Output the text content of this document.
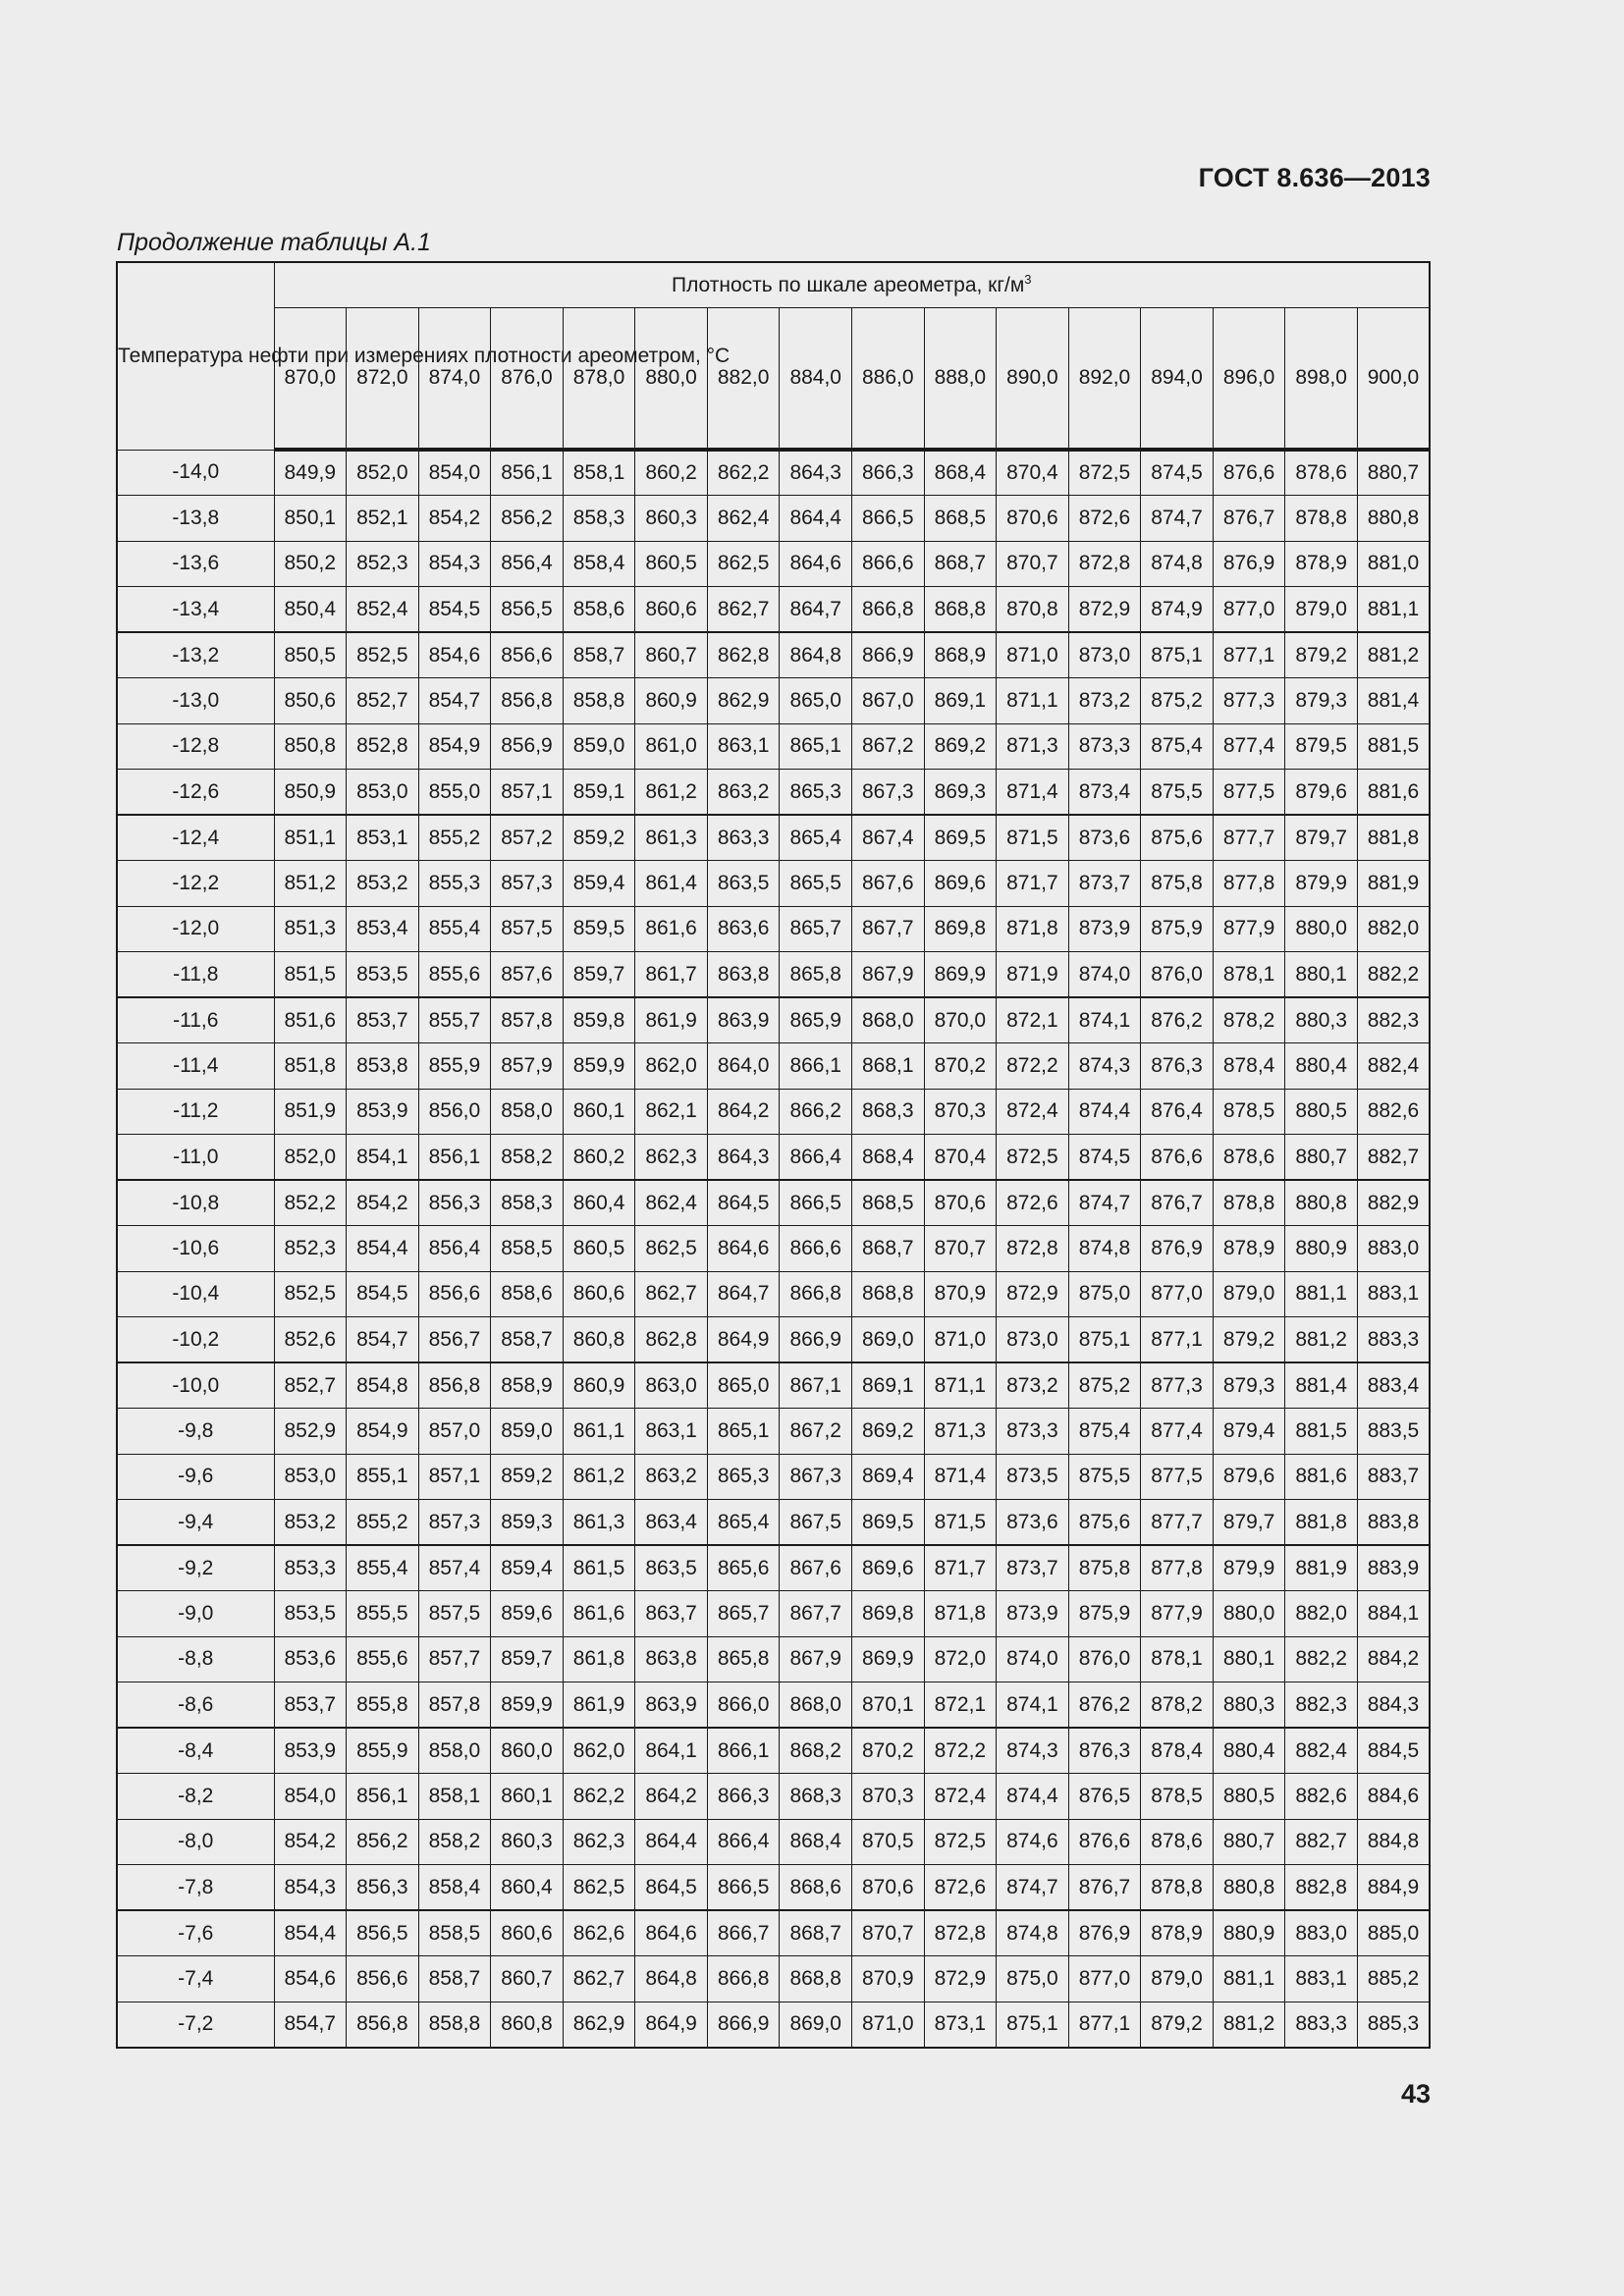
ГОСТ 8.636—2013
Продолжение таблицы А.1
Температура нефти при измерениях плотности ареометром, °С	Плотность по шкале ареометра, $кг/м^3$
	870,0	872,0	874,0	876,0	878,0	880,0	882,0	884,0	886,0	888,0	890,0	892,0	894,0	896,0	898,0	900,0
-14,0	849,9	852,0	854,0	856,1	858,1	860,2	862,2	864,3	866,3	868,4	870,4	872,5	874,5	876,6	878,6	880,7
-13,8	850,1	852,1	854,2	856,2	858,3	860,3	862,4	864,4	866,5	868,5	870,6	872,6	874,7	876,7	878,8	880,8
-13,6	850,2	852,3	854,3	856,4	858,4	860,5	862,5	864,6	866,6	868,7	870,7	872,8	874,8	876,9	878,9	881,0
-13,4	850,4	852,4	854,5	856,5	858,6	860,6	862,7	864,7	866,8	868,8	870,8	872,9	874,9	877,0	879,0	881,1
-13,2	850,5	852,5	854,6	856,6	858,7	860,7	862,8	864,8	866,9	868,9	871,0	873,0	875,1	877,1	879,2	881,2
-13,0	850,6	852,7	854,7	856,8	858,8	860,9	862,9	865,0	867,0	869,1	871,1	873,2	875,2	877,3	879,3	881,4
-12,8	850,8	852,8	854,9	856,9	859,0	861,0	863,1	865,1	867,2	869,2	871,3	873,3	875,4	877,4	879,5	881,5
-12,6	850,9	853,0	855,0	857,1	859,1	861,2	863,2	865,3	867,3	869,3	871,4	873,4	875,5	877,5	879,6	881,6
-12,4	851,1	853,1	855,2	857,2	859,2	861,3	863,3	865,4	867,4	869,5	871,5	873,6	875,6	877,7	879,7	881,8
-12,2	851,2	853,2	855,3	857,3	859,4	861,4	863,5	865,5	867,6	869,6	871,7	873,7	875,8	877,8	879,9	881,9
-12,0	851,3	853,4	855,4	857,5	859,5	861,6	863,6	865,7	867,7	869,8	871,8	873,9	875,9	877,9	880,0	882,0
-11,8	851,5	853,5	855,6	857,6	859,7	861,7	863,8	865,8	867,9	869,9	871,9	874,0	876,0	878,1	880,1	882,2
-11,6	851,6	853,7	855,7	857,8	859,8	861,9	863,9	865,9	868,0	870,0	872,1	874,1	876,2	878,2	880,3	882,3
-11,4	851,8	853,8	855,9	857,9	859,9	862,0	864,0	866,1	868,1	870,2	872,2	874,3	876,3	878,4	880,4	882,4
-11,2	851,9	853,9	856,0	858,0	860,1	862,1	864,2	866,2	868,3	870,3	872,4	874,4	876,4	878,5	880,5	882,6
-11,0	852,0	854,1	856,1	858,2	860,2	862,3	864,3	866,4	868,4	870,4	872,5	874,5	876,6	878,6	880,7	882,7
-10,8	852,2	854,2	856,3	858,3	860,4	862,4	864,5	866,5	868,5	870,6	872,6	874,7	876,7	878,8	880,8	882,9
-10,6	852,3	854,4	856,4	858,5	860,5	862,5	864,6	866,6	868,7	870,7	872,8	874,8	876,9	878,9	880,9	883,0
-10,4	852,5	854,5	856,6	858,6	860,6	862,7	864,7	866,8	868,8	870,9	872,9	875,0	877,0	879,0	881,1	883,1
-10,2	852,6	854,7	856,7	858,7	860,8	862,8	864,9	866,9	869,0	871,0	873,0	875,1	877,1	879,2	881,2	883,3
-10,0	852,7	854,8	856,8	858,9	860,9	863,0	865,0	867,1	869,1	871,1	873,2	875,2	877,3	879,3	881,4	883,4
-9,8	852,9	854,9	857,0	859,0	861,1	863,1	865,1	867,2	869,2	871,3	873,3	875,4	877,4	879,4	881,5	883,5
-9,6	853,0	855,1	857,1	859,2	861,2	863,2	865,3	867,3	869,4	871,4	873,5	875,5	877,5	879,6	881,6	883,7
-9,4	853,2	855,2	857,3	859,3	861,3	863,4	865,4	867,5	869,5	871,5	873,6	875,6	877,7	879,7	881,8	883,8
-9,2	853,3	855,4	857,4	859,4	861,5	863,5	865,6	867,6	869,6	871,7	873,7	875,8	877,8	879,9	881,9	883,9
-9,0	853,5	855,5	857,5	859,6	861,6	863,7	865,7	867,7	869,8	871,8	873,9	875,9	877,9	880,0	882,0	884,1
-8,8	853,6	855,6	857,7	859,7	861,8	863,8	865,8	867,9	869,9	872,0	874,0	876,0	878,1	880,1	882,2	884,2
-8,6	853,7	855,8	857,8	859,9	861,9	863,9	866,0	868,0	870,1	872,1	874,1	876,2	878,2	880,3	882,3	884,3
-8,4	853,9	855,9	858,0	860,0	862,0	864,1	866,1	868,2	870,2	872,2	874,3	876,3	878,4	880,4	882,4	884,5
-8,2	854,0	856,1	858,1	860,1	862,2	864,2	866,3	868,3	870,3	872,4	874,4	876,5	878,5	880,5	882,6	884,6
-8,0	854,2	856,2	858,2	860,3	862,3	864,4	866,4	868,4	870,5	872,5	874,6	876,6	878,6	880,7	882,7	884,8
-7,8	854,3	856,3	858,4	860,4	862,5	864,5	866,5	868,6	870,6	872,6	874,7	876,7	878,8	880,8	882,8	884,9
-7,6	854,4	856,5	858,5	860,6	862,6	864,6	866,7	868,7	870,7	872,8	874,8	876,9	878,9	880,9	883,0	885,0
-7,4	854,6	856,6	858,7	860,7	862,7	864,8	866,8	868,8	870,9	872,9	875,0	877,0	879,0	881,1	883,1	885,2
-7,2	854,7	856,8	858,8	860,8	862,9	864,9	866,9	869,0	871,0	873,1	875,1	877,1	879,2	881,2	883,3	885,3
43
